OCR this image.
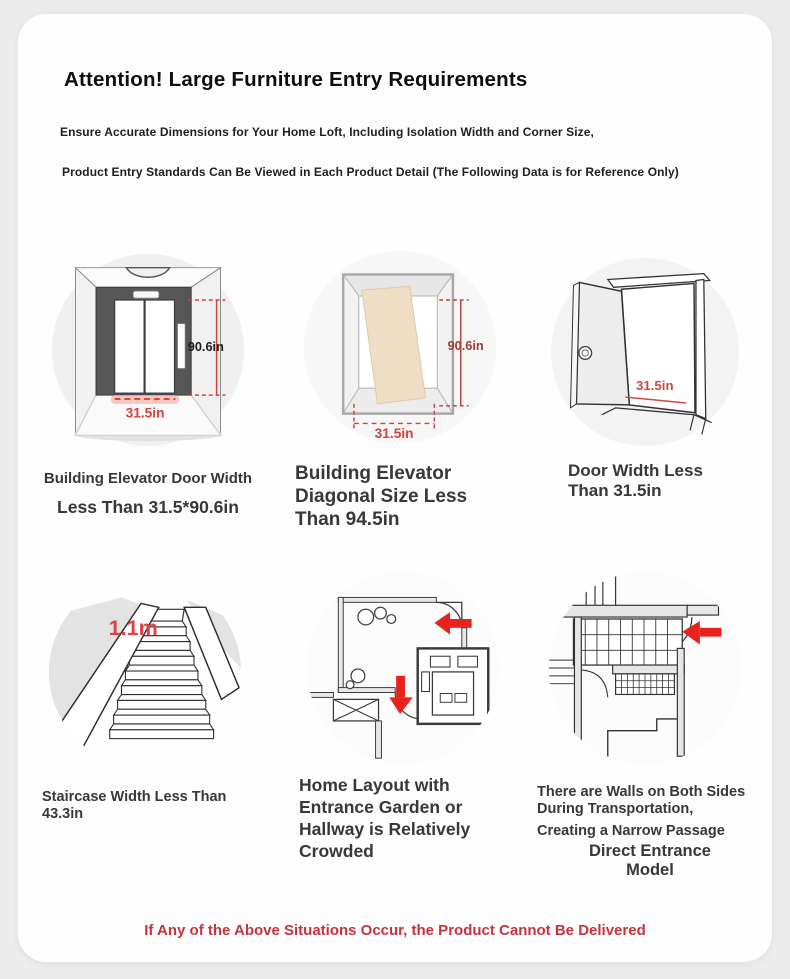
Attention! Large Furniture Entry Requirements
Ensure Accurate Dimensions for Your Home Loft, Including Isolation Width and Corner Size,
Product Entry Standards Can Be Viewed in Each Product Detail (The Following Data is for Reference Only)
90.6in
31.5in
90.6in
31.5in
31.5in
1.1m
Building Elevator Door Width
Less Than 31.5*90.6in
Building Elevator Diagonal Size Less Than 94.5in
Door Width Less Than 31.5in
Staircase Width Less Than 43.3in
Home Layout with Entrance Garden or Hallway is Relatively Crowded
There are Walls on Both Sides During Transportation,
Creating a Narrow Passage
Direct Entrance Model
If Any of the Above Situations Occur, the Product Cannot Be Delivered
